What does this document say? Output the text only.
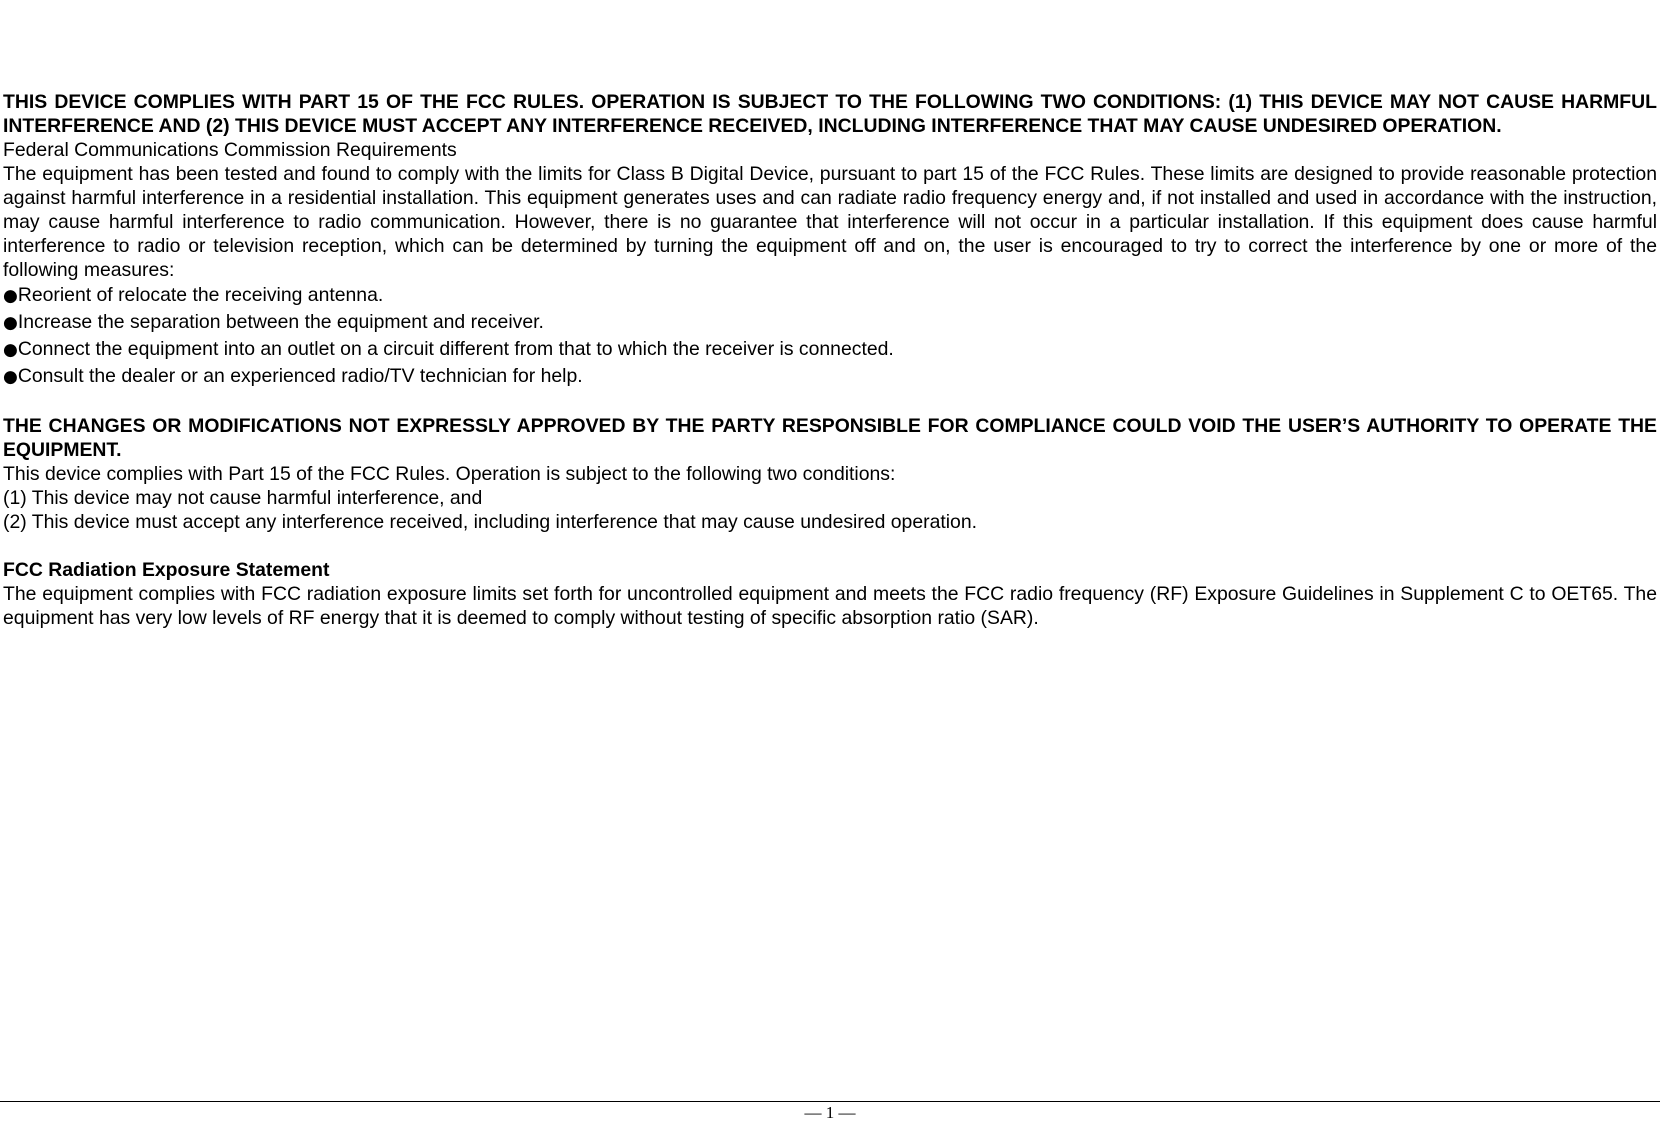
THIS DEVICE COMPLIES WITH PART 15 OF THE FCC RULES. OPERATION IS SUBJECT TO THE FOLLOWING TWO CONDITIONS: (1) THIS DEVICE MAY NOT CAUSE HARMFUL INTERFERENCE AND (2) THIS DEVICE MUST ACCEPT ANY INTERFERENCE RECEIVED, INCLUDING INTERFERENCE THAT MAY CAUSE UNDESIRED OPERATION.

Federal Communications Commission Requirements

The equipment has been tested and found to comply with the limits for Class B Digital Device, pursuant to part 15 of the FCC Rules. These limits are designed to provide reasonable protection against harmful interference in a residential installation. This equipment generates uses and can radiate radio frequency energy and, if not installed and used in accordance with the instruction, may cause harmful interference to radio communication. However, there is no guarantee that interference will not occur in a particular installation. If this equipment does cause harmful interference to radio or television reception, which can be determined by turning the equipment off and on, the user is encouraged to try to correct the interference by one or more of the following measures:

●Reorient of relocate the receiving antenna.
●Increase the separation between the equipment and receiver.
●Connect the equipment into an outlet on a circuit different from that to which the receiver is connected.
●Consult the dealer or an experienced radio/TV technician for help.

THE CHANGES OR MODIFICATIONS NOT EXPRESSLY APPROVED BY THE PARTY RESPONSIBLE FOR COMPLIANCE COULD VOID THE USER’S AUTHORITY TO OPERATE THE EQUIPMENT.

This device complies with Part 15 of the FCC Rules. Operation is subject to the following two conditions:

(1) This device may not cause harmful interference, and

(2) This device must accept any interference received, including interference that may cause undesired operation.

FCC Radiation Exposure Statement

The equipment complies with FCC radiation exposure limits set forth for uncontrolled equipment and meets the FCC radio frequency (RF) Exposure Guidelines in Supplement C to OET65. The equipment has very low levels of RF energy that it is deemed to comply without testing of specific absorption ratio (SAR).

— 1 —
